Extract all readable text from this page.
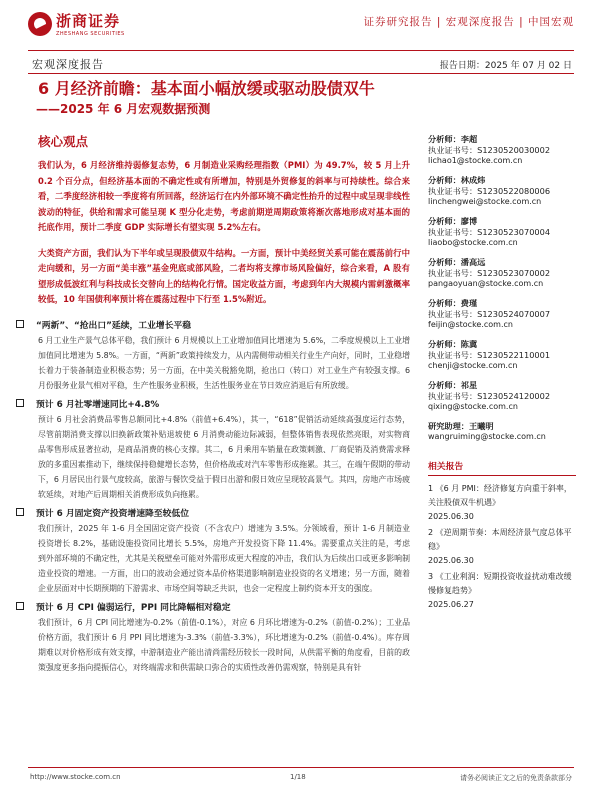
浙商证券
ZHESHANG SECURITIES
证券研究报告 | 宏观深度报告 | 中国宏观
宏观深度报告	报告日期：2025 年 07 月 02 日
6 月经济前瞻：基本面小幅放缓或驱动股债双牛
——2025 年 6 月宏观数据预测
核心观点

我们认为，6 月经济维持弱修复态势，6 月制造业采购经理指数（PMI）为 49.7%，较 5 月上升 0.2 个百分点，但经济基本面的不确定性或有所增加，特别是外贸修复的斜率与可持续性。综合来看，二季度经济相较一季度将有所回落，经济运行在内外部环境不确定性抬升的过程中或呈现非线性波动的特征，供给和需求可能呈现 K 型分化走势，考虑前期逆周期政策将渐次落地形成对基本面的托底作用，预计二季度 GDP 实际增长有望实现 5.2%左右。

大类资产方面，我们认为下半年或呈现股债双牛结构。一方面，预计中美经贸关系可能在震荡前行中走向缓和，另一方面“美丰涨”基金兜底或部风险，二者均将支撑市场风险偏好，综合来看，A 股有望形成低波红利与科技成长交替向上的结构化行情。国定收益方面，考虑到年内大规模内需刺激概率较低，10 年国债利率预计将在震荡过程中下行至 1.5%附近。

“两新”、“抢出口”延续，工业增长平稳
6 月工业生产景气总体平稳，我们预计 6 月规模以上工业增加值同比增速为 5.6%，二季度规模以上工业增加值同比增速为 5.8%。一方面，“两新”政策持续发力，从内需侧带动相关行业生产向好，同时，工业稳增长着力于装备制造业积极态势；另一方面，在中美关税豁免期，抢出口（转口）对工业生产有较强支撑。6 月份服务业景气相对平稳，生产性服务业积极，生活性服务业在节日效应消退后有所放缓。
预计 6 月社零增速同比+4.8%
预计 6 月社会消费品零售总额同比+4.8%（前值+6.4%），其一，“618”促销活动延续高强度运行态势，尽管前期消费支撑以旧换新政策补贴退坡使 6 月消费动能边际减弱，但整体销售表现依然亮眼，对实物商品零售形成显著拉动，是商品消费的核心支撑。其二，6 月乘用车销量在政策刺激、厂商促销及消费需求释放的多重因素推动下，继续保持稳健增长态势，但价格战或对汽车零售形成拖累。其三，在端午假期的带动下，6 月居民出行景气度较高，旅游与餐饮受益于假日出游和假日效应呈现较高景气。其四，房地产市场疲软延续，对地产后周期相关消费形成负向拖累。
预计 6 月固定资产投资增速降至较低位
我们预计，2025 年 1-6 月全国固定资产投资（不含农户）增速为 3.5%。分领域看，预计 1-6 月制造业投资增长 8.2%，基础设施投资同比增长 5.5%，房地产开发投资下降 11.4%。需要重点关注的是，考虑到外部环境的不确定性，尤其是关税壁垒可能对外需形成更大程度的冲击，我们认为后续出口或更多影响制造业投资的增速。一方面，出口的波动会通过资本品价格渠道影响制造业投资的名义增速；另一方面，随着企业层面对中长期预期的下游需求、市场空间等缺乏共识，也会一定程度上制约资本开支的强度。
预计 6 月 CPI 偏弱运行，PPI 同比降幅相对稳定
我们预计，6 月 CPI 同比增速为-0.2%（前值-0.1%），对应 6 月环比增速为-0.2%（前值-0.2%）；工业品价格方面，我们预计 6 月 PPI 同比增速为-3.3%（前值-3.3%），环比增速为-0.2%（前值-0.4%）。库存周期难以对价格形成有效支撑，中游制造业产能出清尚需经历较长一段时间，从供需平衡的角度看，目前的政策强度更多指向提振信心，对终端需求和供需缺口弥合的实质性改善仍需观察，特别是具有针
分析师：李超
执业证书号：S1230520030002
lichao1@stocke.com.cn
分析师：林成炜
执业证书号：S1230522080006
linchengwei@stocke.com.cn
分析师：廖博
执业证书号：S1230523070004
liaobo@stocke.com.cn
分析师：潘高远
执业证书号：S1230523070002
pangaoyuan@stocke.com.cn
分析师：费瑾
执业证书号：S1230524070007
feijin@stocke.com.cn
分析师：陈冀
执业证书号：S1230522110001
chenji@stocke.com.cn
分析师：祁星
执业证书号：S1230524120002
qixing@stocke.com.cn
研究助理：王曦明
wangruiming@stocke.com.cn
相关报告
1 《6 月 PMI：经济修复方向重于斜率，关注股债双牛机遇》
2025.06.30
2 《逆周期节奏：本周经济景气度总体平稳》
2025.06.30
3 《工业利润：短期投资收益扰动难改缓慢修复趋势》
2025.06.27
http://www.stocke.com.cn	1/18	请务必阅读正文之后的免责条款部分
